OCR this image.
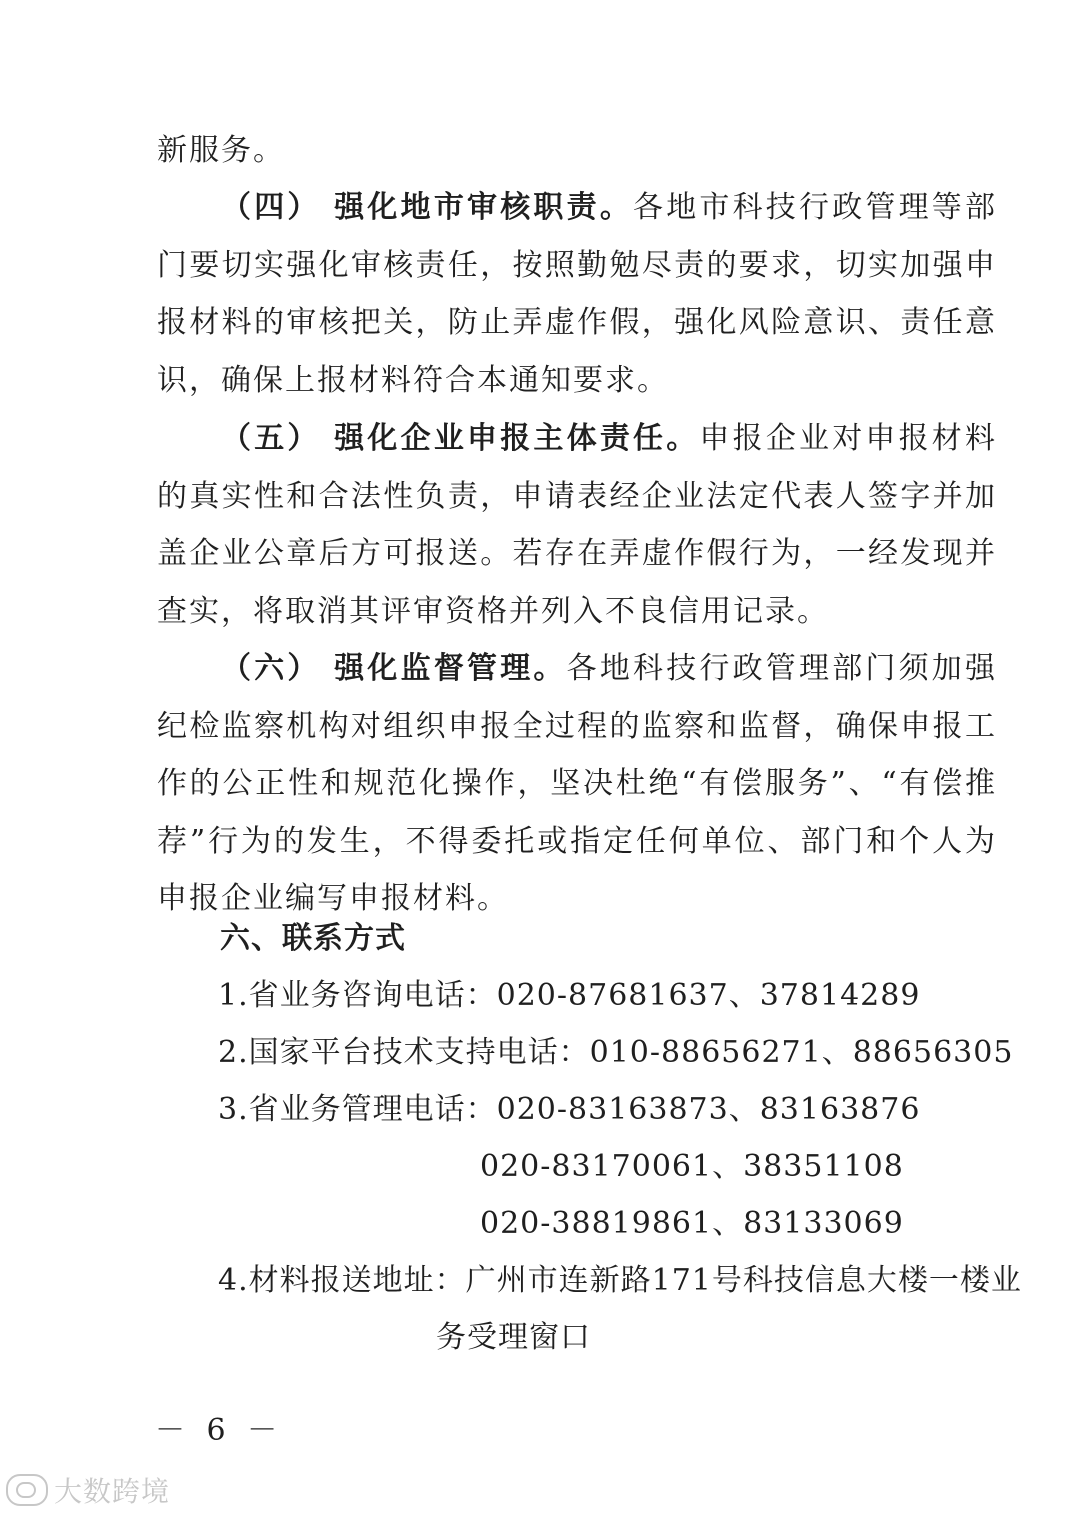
新服务。

（四） 强化地市审核职责。各地市科技行政管理等部门要切实强化审核责任，按照勤勉尽责的要求，切实加强申报材料的审核把关，防止弄虚作假，强化风险意识、责任意识，确保上报材料符合本通知要求。

（五） 强化企业申报主体责任。申报企业对申报材料的真实性和合法性负责，申请表经企业法定代表人签字并加盖企业公章后方可报送。若存在弄虚作假行为，一经发现并查实，将取消其评审资格并列入不良信用记录。

（六） 强化监督管理。各地科技行政管理部门须加强纪检监察机构对组织申报全过程的监察和监督，确保申报工作的公正性和规范化操作，坚决杜绝“有偿服务”、“有偿推荐”行为的发生，不得委托或指定任何单位、部门和个人为申报企业编写申报材料。

六、联系方式

1.省业务咨询电话：020-87681637、37814289

2.国家平台技术支持电话：010-88656271、88656305

3.省业务管理电话：020-83163873、83163876

020-83170061、38351108

020-38819861、83133069

4.材料报送地址：广州市连新路171号科技信息大楼一楼业

务受理窗口

－ 6 －
大数跨境
